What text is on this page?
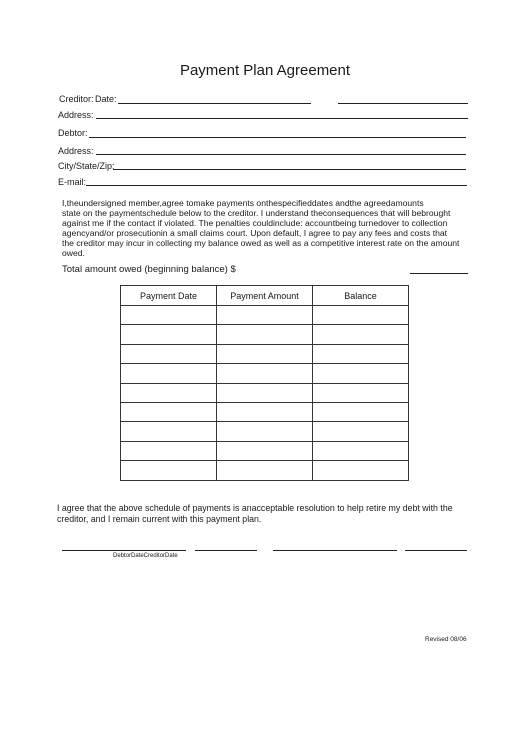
Payment Plan Agreement
Creditor: Date:
Address:
Debtor:
Address:
City/State/Zip:
E-mail:
I,theundersigned member,agree tomake payments onthespecifieddates andthe agreedamounts
state on the paymentschedule below to the creditor. I understand theconsequences that will bebrought
against me if the contact if violated. The penalties couldinclude: accountbeing turnedover to collection
agencyand/or prosecutionin a small claims court. Upon default, I agree to pay any fees and costs that
the creditor may incur in collecting my balance owed as well as a competitive interest rate on the amount
owed.
Total amount owed (beginning balance) $
Payment Date	Payment Amount	Balance

I agree that the above schedule of payments is anacceptable resolution to help retire my debt with the
creditor, and I remain current with this payment plan.
DebtorDateCreditorDate
Revised 08/06
